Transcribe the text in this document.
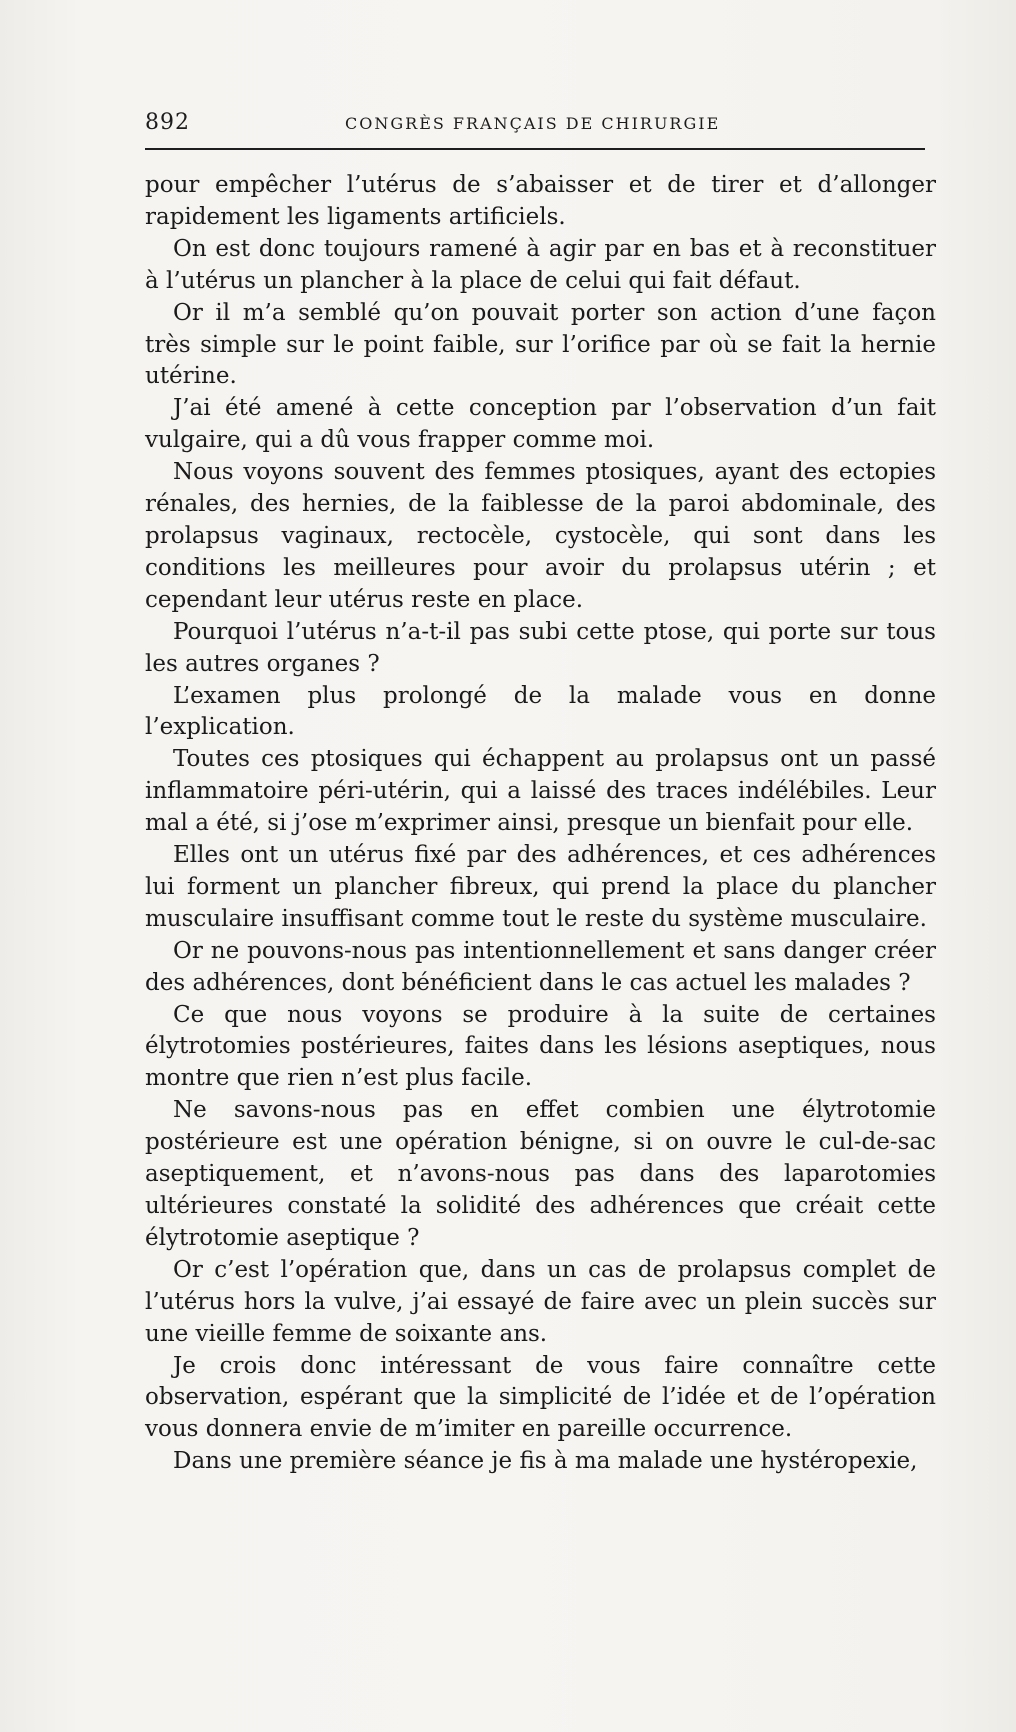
892	CONGRÈS FRANÇAIS DE CHIRURGIE

pour empêcher l’utérus de s’abaisser et de tirer et d’allonger rapidement les ligaments artificiels.

On est donc toujours ramené à agir par en bas et à reconstituer à l’utérus un plancher à la place de celui qui fait défaut.

Or il m’a semblé qu’on pouvait porter son action d’une façon très simple sur le point faible, sur l’orifice par où se fait la hernie utérine.

J’ai été amené à cette conception par l’observation d’un fait vulgaire, qui a dû vous frapper comme moi.

Nous voyons souvent des femmes ptosiques, ayant des ectopies rénales, des hernies, de la faiblesse de la paroi abdominale, des prolapsus vaginaux, rectocèle, cystocèle, qui sont dans les conditions les meilleures pour avoir du prolapsus utérin ; et cependant leur utérus reste en place.

Pourquoi l’utérus n’a-t-il pas subi cette ptose, qui porte sur tous les autres organes ?

L’examen plus prolongé de la malade vous en donne l’explication.

Toutes ces ptosiques qui échappent au prolapsus ont un passé inflammatoire péri-utérin, qui a laissé des traces indélébiles. Leur mal a été, si j’ose m’exprimer ainsi, presque un bienfait pour elle.

Elles ont un utérus fixé par des adhérences, et ces adhérences lui forment un plancher fibreux, qui prend la place du plancher musculaire insuffisant comme tout le reste du système musculaire.

Or ne pouvons-nous pas intentionnellement et sans danger créer des adhérences, dont bénéficient dans le cas actuel les malades ?

Ce que nous voyons se produire à la suite de certaines élytrotomies postérieures, faites dans les lésions aseptiques, nous montre que rien n’est plus facile.

Ne savons-nous pas en effet combien une élytrotomie postérieure est une opération bénigne, si on ouvre le cul-de-sac aseptiquement, et n’avons-nous pas dans des laparotomies ultérieures constaté la solidité des adhérences que créait cette élytrotomie aseptique ?

Or c’est l’opération que, dans un cas de prolapsus complet de l’utérus hors la vulve, j’ai essayé de faire avec un plein succès sur une vieille femme de soixante ans.

Je crois donc intéressant de vous faire connaître cette observation, espérant que la simplicité de l’idée et de l’opération vous donnera envie de m’imiter en pareille occurrence.

Dans une première séance je fis à ma malade une hystéropexie,
